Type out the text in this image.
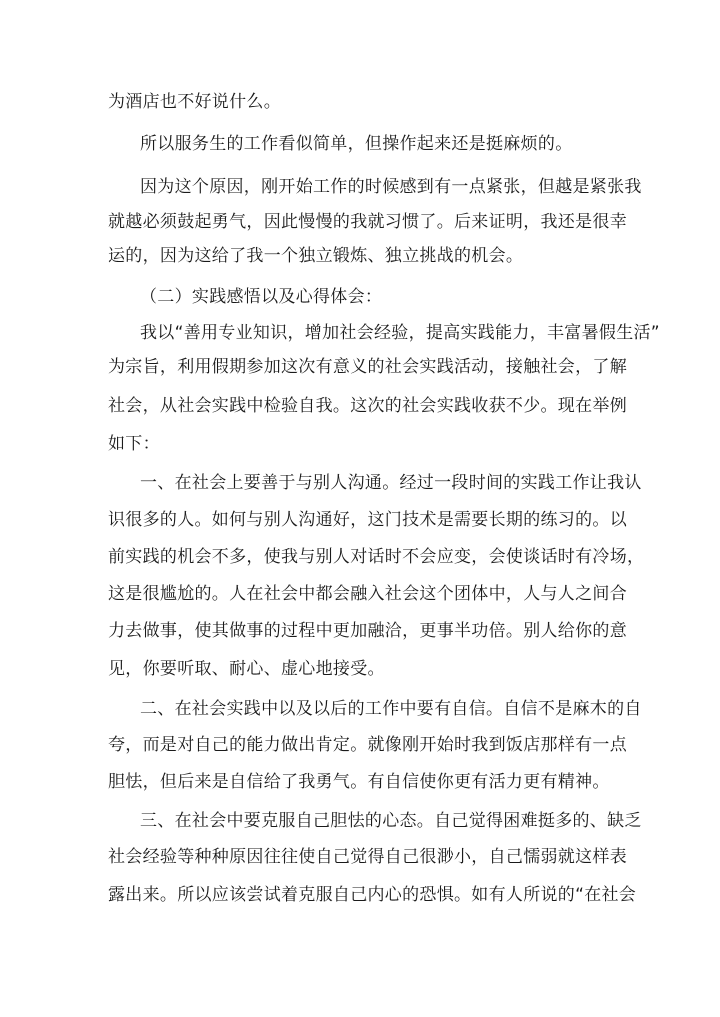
为酒店也不好说什么。
所以服务生的工作看似简单，但操作起来还是挺麻烦的。
因为这个原因，刚开始工作的时候感到有一点紧张，但越是紧张我
就越必须鼓起勇气，因此慢慢的我就习惯了。后来证明，我还是很幸
运的，因为这给了我一个独立锻炼、独立挑战的机会。
（二）实践感悟以及心得体会：
我以“善用专业知识，增加社会经验，提高实践能力，丰富暑假生活”
为宗旨，利用假期参加这次有意义的社会实践活动，接触社会，了解
社会，从社会实践中检验自我。这次的社会实践收获不少。现在举例
如下：
一、在社会上要善于与别人沟通。经过一段时间的实践工作让我认
识很多的人。如何与别人沟通好，这门技术是需要长期的练习的。以
前实践的机会不多，使我与别人对话时不会应变，会使谈话时有冷场，
这是很尴尬的。人在社会中都会融入社会这个团体中，人与人之间合
力去做事，使其做事的过程中更加融洽，更事半功倍。别人给你的意
见，你要听取、耐心、虚心地接受。
二、在社会实践中以及以后的工作中要有自信。自信不是麻木的自
夸，而是对自己的能力做出肯定。就像刚开始时我到饭店那样有一点
胆怯，但后来是自信给了我勇气。有自信使你更有活力更有精神。
三、在社会中要克服自己胆怯的心态。自己觉得困难挺多的、缺乏
社会经验等种种原因往往使自己觉得自己很渺小，自己懦弱就这样表
露出来。所以应该尝试着克服自己内心的恐惧。如有人所说的“在社会
